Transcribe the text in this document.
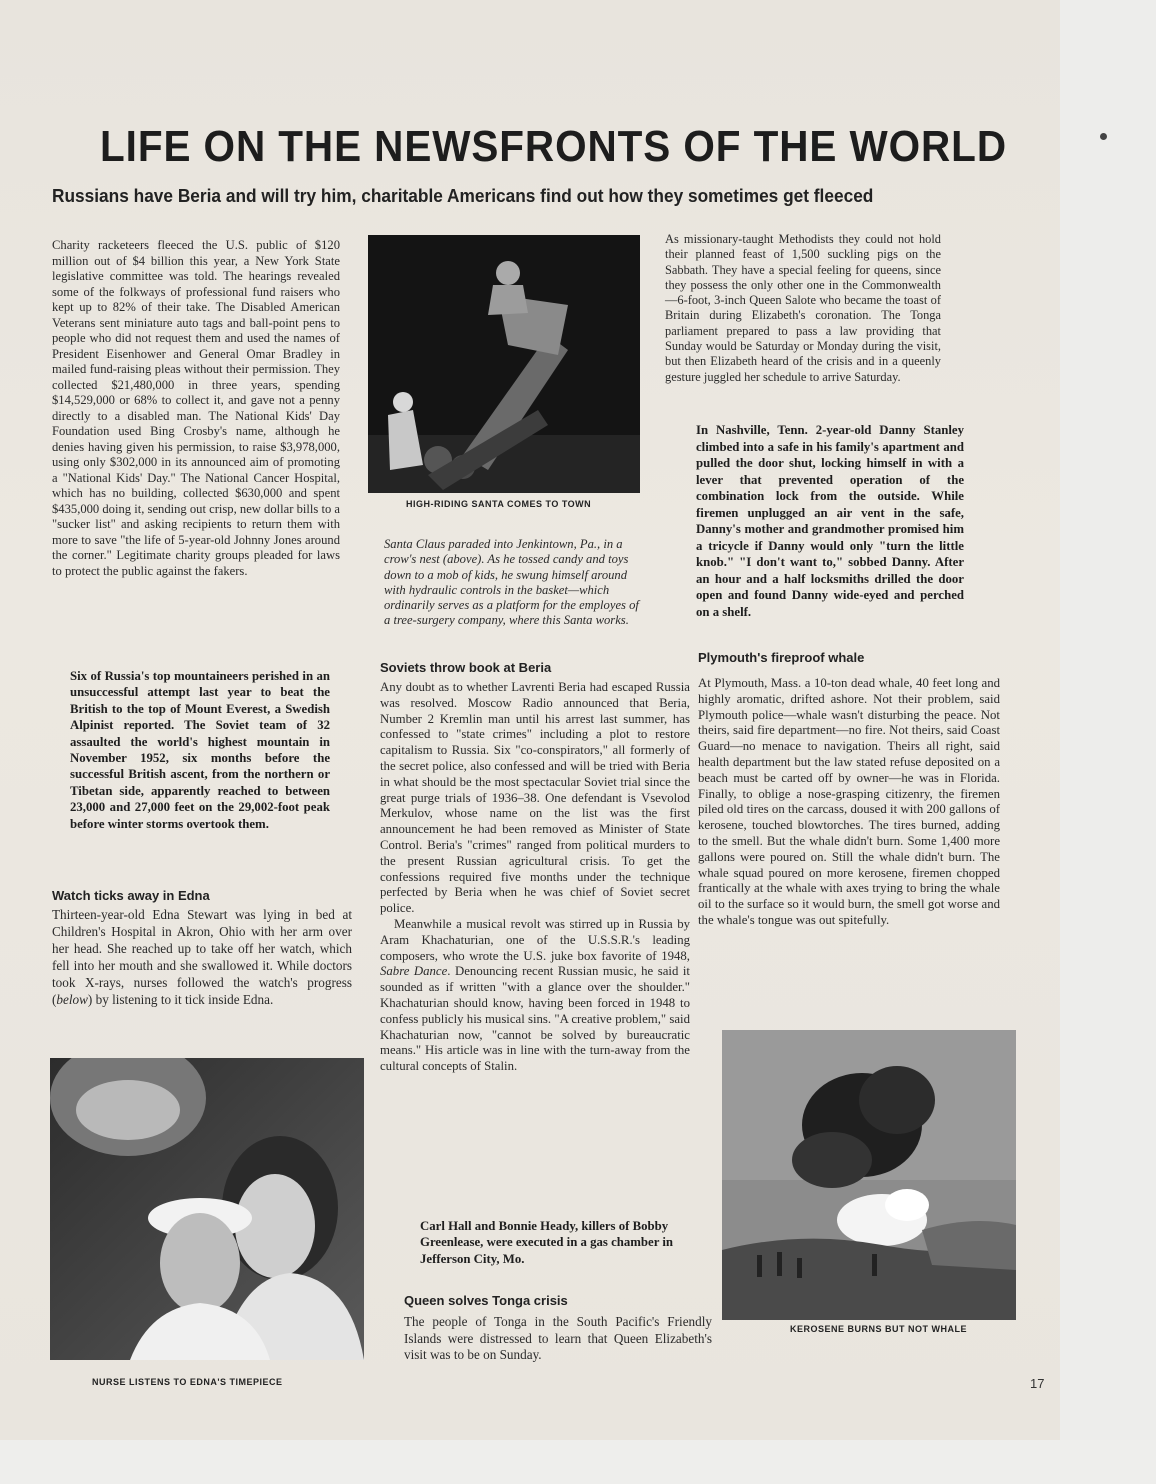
LIFE ON THE NEWSFRONTS OF THE WORLD
Russians have Beria and will try him, charitable Americans find out how they sometimes get fleeced

Charity racketeers fleeced the U.S. public of $120 million out of $4 billion this year, a New York State legislative committee was told. The hearings revealed some of the folkways of professional fund raisers who kept up to 82% of their take. The Disabled American Veterans sent miniature auto tags and ball-point pens to people who did not request them and used the names of President Eisenhower and General Omar Bradley in mailed fund-raising pleas without their permission. They collected $21,480,000 in three years, spending $14,529,000 or 68% to collect it, and gave not a penny directly to a disabled man. The National Kids' Day Foundation used Bing Crosby's name, although he denies having given his permission, to raise $3,978,000, using only $302,000 in its announced aim of promoting a "National Kids' Day." The National Cancer Hospital, which has no building, collected $630,000 and spent $435,000 doing it, sending out crisp, new dollar bills to a "sucker list" and asking recipients to return them with more to save "the life of 5-year-old Johnny Jones around the corner." Legitimate charity groups pleaded for laws to protect the public against the fakers.

Six of Russia's top mountaineers perished in an unsuccessful attempt last year to beat the British to the top of Mount Everest, a Swedish Alpinist reported. The Soviet team of 32 assaulted the world's highest mountain in November 1952, six months before the successful British ascent, from the northern or Tibetan side, apparently reached to between 23,000 and 27,000 feet on the 29,002-foot peak before winter storms overtook them.

Watch ticks away in Edna

Thirteen-year-old Edna Stewart was lying in bed at Children's Hospital in Akron, Ohio with her arm over her head. She reached up to take off her watch, which fell into her mouth and she swallowed it. While doctors took X-rays, nurses followed the watch's progress (below) by listening to it tick inside Edna.

NURSE LISTENS TO EDNA'S TIMEPIECE
HIGH-RIDING SANTA COMES TO TOWN

Santa Claus paraded into Jenkintown, Pa., in a crow's nest (above). As he tossed candy and toys down to a mob of kids, he swung himself around with hydraulic controls in the basket—which ordinarily serves as a platform for the employes of a tree-surgery company, where this Santa works.

Soviets throw book at Beria

Any doubt as to whether Lavrenti Beria had escaped Russia was resolved. Moscow Radio announced that Beria, Number 2 Kremlin man until his arrest last summer, has confessed to "state crimes" including a plot to restore capitalism to Russia. Six "co-conspirators," all formerly of the secret police, also confessed and will be tried with Beria in what should be the most spectacular Soviet trial since the great purge trials of 1936–38. One defendant is Vsevolod Merkulov, whose name on the list was the first announcement he had been removed as Minister of State Control. Beria's "crimes" ranged from political murders to the present Russian agricultural crisis. To get the confessions required five months under the technique perfected by Beria when he was chief of Soviet secret police.

Meanwhile a musical revolt was stirred up in Russia by Aram Khachaturian, one of the U.S.S.R.'s leading composers, who wrote the U.S. juke box favorite of 1948, Sabre Dance. Denouncing recent Russian music, he said it sounded as if written "with a glance over the shoulder." Khachaturian should know, having been forced in 1948 to confess publicly his musical sins. "A creative problem," said Khachaturian now, "cannot be solved by bureaucratic means." His article was in line with the turn-away from the cultural concepts of Stalin.

Carl Hall and Bonnie Heady, killers of Bobby Greenlease, were executed in a gas chamber in Jefferson City, Mo.

Queen solves Tonga crisis

The people of Tonga in the South Pacific's Friendly Islands were distressed to learn that Queen Elizabeth's visit was to be on Sunday.

As missionary-taught Methodists they could not hold their planned feast of 1,500 suckling pigs on the Sabbath. They have a special feeling for queens, since they possess the only other one in the Commonwealth—6-foot, 3-inch Queen Salote who became the toast of Britain during Elizabeth's coronation. The Tonga parliament prepared to pass a law providing that Sunday would be Saturday or Monday during the visit, but then Elizabeth heard of the crisis and in a queenly gesture juggled her schedule to arrive Saturday.

In Nashville, Tenn. 2-year-old Danny Stanley climbed into a safe in his family's apartment and pulled the door shut, locking himself in with a lever that prevented operation of the combination lock from the outside. While firemen unplugged an air vent in the safe, Danny's mother and grandmother promised him a tricycle if Danny would only "turn the little knob." "I don't want to," sobbed Danny. After an hour and a half locksmiths drilled the door open and found Danny wide-eyed and perched on a shelf.

Plymouth's fireproof whale

At Plymouth, Mass. a 10-ton dead whale, 40 feet long and highly aromatic, drifted ashore. Not their problem, said Plymouth police—whale wasn't disturbing the peace. Not theirs, said fire department—no fire. Not theirs, said Coast Guard—no menace to navigation. Theirs all right, said health department but the law stated refuse deposited on a beach must be carted off by owner—he was in Florida. Finally, to oblige a nose-grasping citizenry, the firemen piled old tires on the carcass, doused it with 200 gallons of kerosene, touched blowtorches. The tires burned, adding to the smell. But the whale didn't burn. Some 1,400 more gallons were poured on. Still the whale didn't burn. The whale squad poured on more kerosene, firemen chopped frantically at the whale with axes trying to bring the whale oil to the surface so it would burn, the smell got worse and the whale's tongue was out spitefully.

KEROSENE BURNS BUT NOT WHALE
17
